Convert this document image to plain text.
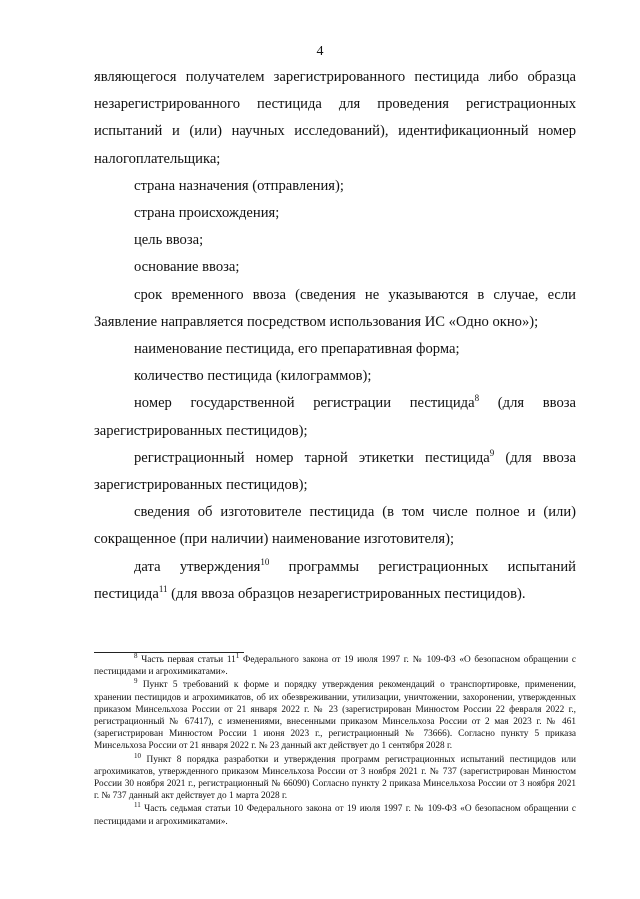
4

являющегося получателем зарегистрированного пестицида либо образца незарегистрированного пестицида для проведения регистрационных испытаний и (или) научных исследований), идентификационный номер налогоплательщика;

страна назначения (отправления);

страна происхождения;

цель ввоза;

основание ввоза;

срок временного ввоза (сведения не указываются в случае, если Заявление направляется посредством использования ИС «Одно окно»);

наименование пестицида, его препаративная форма;

количество пестицида (килограммов);

номер государственной регистрации пестицида$^8$ (для ввоза зарегистрированных пестицидов);

регистрационный номер тарной этикетки пестицида$^9$ (для ввоза зарегистрированных пестицидов);

сведения об изготовителе пестицида (в том числе полное и (или) сокращенное (при наличии) наименование изготовителя);

дата утверждения$^{10}$ программы регистрационных испытаний пестицида$^{11}$ (для ввоза образцов незарегистрированных пестицидов).

$^8$ Часть первая статьи $11^1$ Федерального закона от 19 июля 1997 г. № 109-ФЗ «О безопасном обращении с пестицидами и агрохимикатами».

$^9$ Пункт 5 требований к форме и порядку утверждения рекомендаций о транспортировке, применении, хранении пестицидов и агрохимикатов, об их обезвреживании, утилизации, уничтожении, захоронении, утвержденных приказом Минсельхоза России от 21 января 2022 г. № 23 (зарегистрирован Минюстом России 22 февраля 2022 г., регистрационный № 67417), с изменениями, внесенными приказом Минсельхоза России от 2 мая 2023 г. № 461 (зарегистрирован Минюстом России 1 июня 2023 г., регистрационный № 73666). Согласно пункту 5 приказа Минсельхоза России от 21 января 2022 г. № 23 данный акт действует до 1 сентября 2028 г.

$^{10}$ Пункт 8 порядка разработки и утверждения программ регистрационных испытаний пестицидов или агрохимикатов, утвержденного приказом Минсельхоза России от 3 ноября 2021 г. № 737 (зарегистрирован Минюстом России 30 ноября 2021 г., регистрационный № 66090) Согласно пункту 2 приказа Минсельхоза России от 3 ноября 2021 г. № 737 данный акт действует до 1 марта 2028 г.

$^{11}$ Часть седьмая статьи 10 Федерального закона от 19 июля 1997 г. № 109-ФЗ «О безопасном обращении с пестицидами и агрохимикатами».
